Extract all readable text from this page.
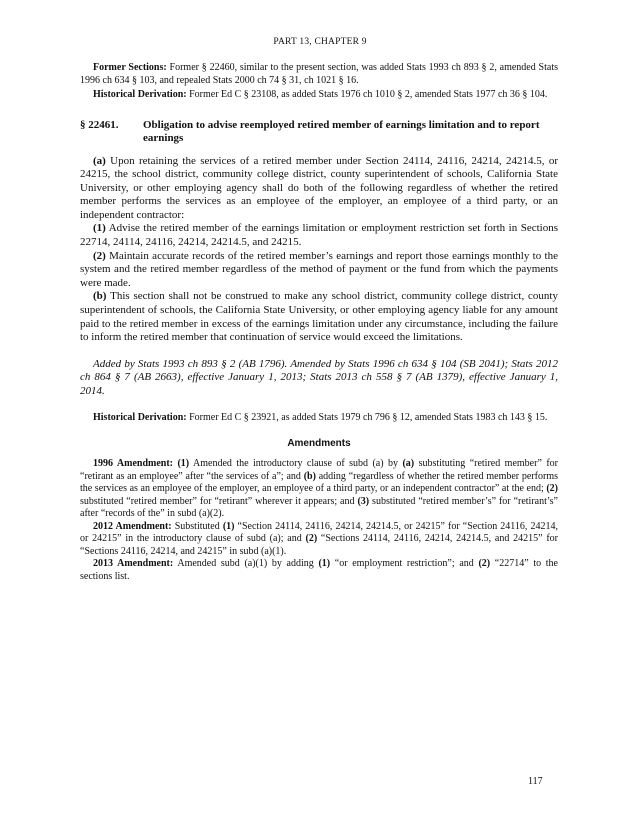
PART 13, CHAPTER 9

Former Sections: Former § 22460, similar to the present section, was added Stats 1993 ch 893 § 2, amended Stats 1996 ch 634 § 103, and repealed Stats 2000 ch 74 § 31, ch 1021 § 16.

Historical Derivation: Former Ed C § 23108, as added Stats 1976 ch 1010 § 2, amended Stats 1977 ch 36 § 104.

§ 22461.	Obligation to advise reemployed retired member of earnings limitation and to report earnings

(a) Upon retaining the services of a retired member under Section 24114, 24116, 24214, 24214.5, or 24215, the school district, community college district, county superintendent of schools, California State University, or other employing agency shall do both of the following regardless of whether the retired member performs the services as an employee of the employer, an employee of a third party, or an independent contractor:

(1) Advise the retired member of the earnings limitation or employment restriction set forth in Sections 22714, 24114, 24116, 24214, 24214.5, and 24215.

(2) Maintain accurate records of the retired member’s earnings and report those earnings monthly to the system and the retired member regardless of the method of payment or the fund from which the payments were made.

(b) This section shall not be construed to make any school district, community college district, county superintendent of schools, the California State University, or other employing agency liable for any amount paid to the retired member in excess of the earnings limitation under any circumstance, including the failure to inform the retired member that continuation of service would exceed the limitations.

Added by Stats 1993 ch 893 § 2 (AB 1796). Amended by Stats 1996 ch 634 § 104 (SB 2041); Stats 2012 ch 864 § 7 (AB 2663), effective January 1, 2013; Stats 2013 ch 558 § 7 (AB 1379), effective January 1, 2014.

Historical Derivation: Former Ed C § 23921, as added Stats 1979 ch 796 § 12, amended Stats 1983 ch 143 § 15.

Amendments

1996 Amendment: (1) Amended the introductory clause of subd (a) by (a) substituting “retired member” for “retirant as an employee” after “the services of a”; and (b) adding “regardless of whether the retired member performs the services as an employee of the employer, an employee of a third party, or an independent contractor” at the end; (2) substituted “retired member” for “retirant” wherever it appears; and (3) substituted “retired member’s” for “retirant’s” after “records of the” in subd (a)(2).

2012 Amendment: Substituted (1) “Section 24114, 24116, 24214, 24214.5, or 24215” for “Section 24116, 24214, or 24215” in the introductory clause of subd (a); and (2) “Sections 24114, 24116, 24214, 24214.5, and 24215” for “Sections 24116, 24214, and 24215” in subd (a)(1).

2013 Amendment: Amended subd (a)(1) by adding (1) “or employment restriction”; and (2) “22714” to the sections list.

117
